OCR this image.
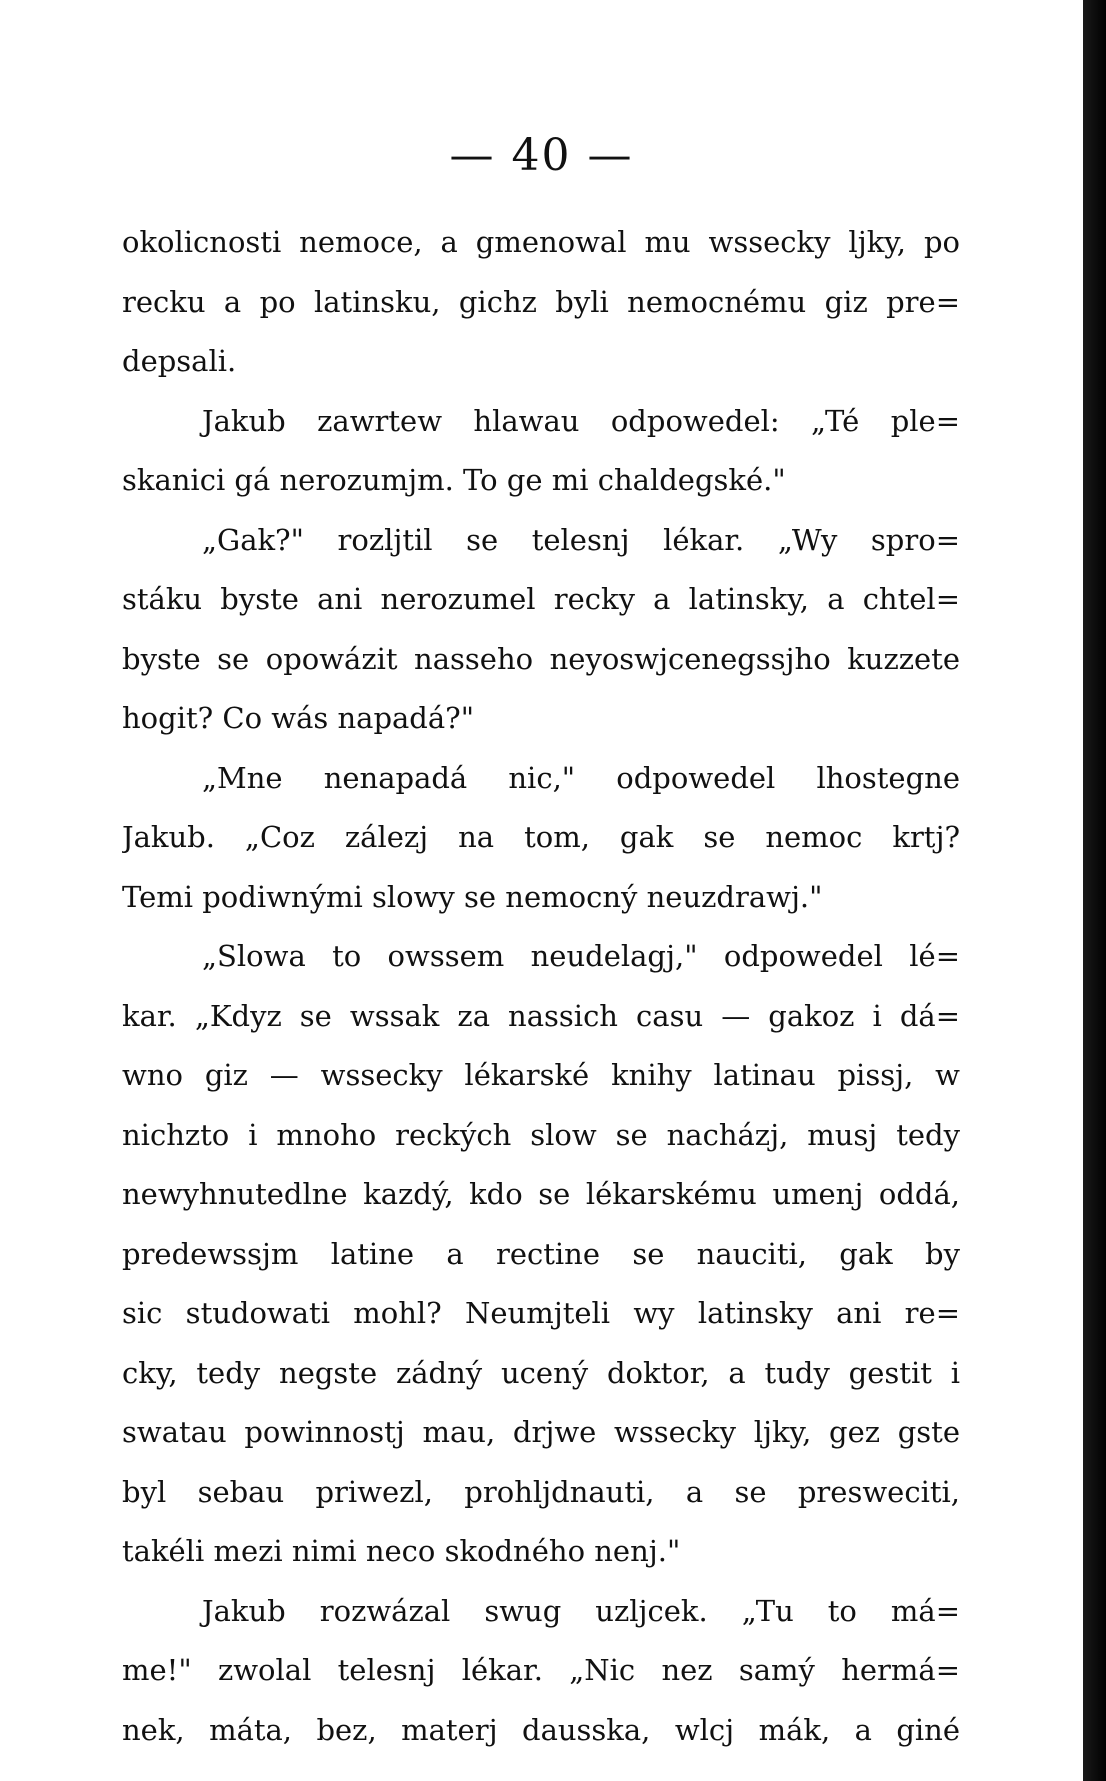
— 40 —
okolicnosti nemoce, a gmenowal mu wssecky ljky, po
recku a po latinsku, gichz byli nemocnému giz pre=
depsali.
Jakub zawrtew hlawau odpowedel: „Té ple=
skanici gá nerozumjm. To ge mi chaldegské."
„Gak?" rozljtil se telesnj lékar. „Wy spro=
stáku byste ani nerozumel recky a latinsky, a chtel=
byste se opowázit nasseho neyoswjcenegssjho kuzzete
hogit? Co wás napadá?"
„Mne nenapadá nic," odpowedel lhostegne
Jakub. „Coz zálezj na tom, gak se nemoc krtj?
Temi podiwnými slowy se nemocný neuzdrawj."
„Slowa to owssem neudelagj," odpowedel lé=
kar. „Kdyz se wssak za nassich casu — gakoz i dá=
wno giz — wssecky lékarské knihy latinau pissj, w
nichzto i mnoho reckých slow se nacházj, musj tedy
newyhnutedlne kazdý, kdo se lékarskému umenj oddá,
predewssjm latine a rectine se nauciti, gak by
sic studowati mohl? Neumjteli wy latinsky ani re=
cky, tedy negste zádný ucený doktor, a tudy gestit i
swatau powinnostj mau, drjwe wssecky ljky, gez gste
byl sebau priwezl, prohljdnauti, a se presweciti,
takéli mezi nimi neco skodného nenj."
Jakub rozwázal swug uzljcek. „Tu to má=
me!" zwolal telesnj lékar. „Nic nez samý hermá=
nek, máta, bez, materj dausska, wlcj mák, a giné
